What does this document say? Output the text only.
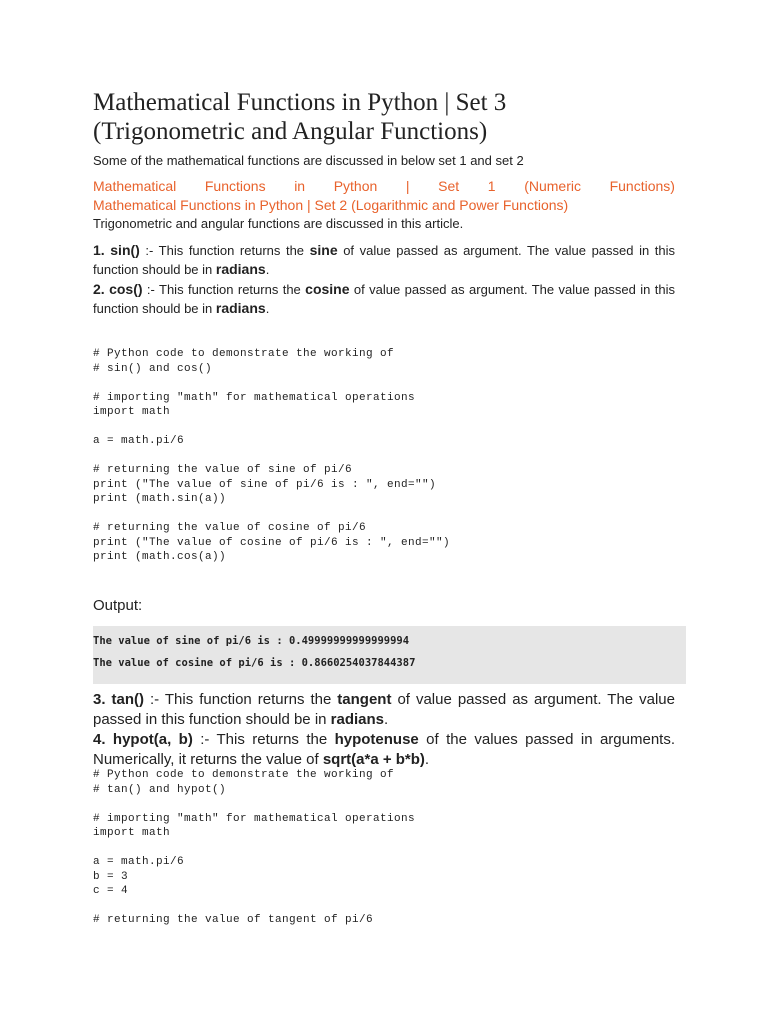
Mathematical Functions in Python | Set 3
(Trigonometric and Angular Functions)
Some of the mathematical functions are discussed in below set 1 and set 2
Mathematical Functions in Python | Set 1 (Numeric Functions)
Mathematical Functions in Python | Set 2 (Logarithmic and Power Functions)
Trigonometric and angular functions are discussed in this article.
1. sin() :- This function returns the sine of value passed as argument. The value passed in this function should be in radians.
2. cos() :- This function returns the cosine of value passed as argument. The value passed in this function should be in radians.
# Python code to demonstrate the working of
# sin() and cos()

# importing "math" for mathematical operations
import math

a = math.pi/6

# returning the value of sine of pi/6
print ("The value of sine of pi/6 is : ", end="")
print (math.sin(a))

# returning the value of cosine of pi/6
print ("The value of cosine of pi/6 is : ", end="")
print (math.cos(a))
Output:
The value of sine of pi/6 is : 0.49999999999999994
The value of cosine of pi/6 is : 0.8660254037844387
3. tan() :- This function returns the tangent of value passed as argument. The value passed in this function should be in radians.
4. hypot(a, b) :- This returns the hypotenuse of the values passed in arguments. Numerically, it returns the value of sqrt(a*a + b*b).
# Python code to demonstrate the working of
# tan() and hypot()

# importing "math" for mathematical operations
import math

a = math.pi/6
b = 3
c = 4

# returning the value of tangent of pi/6
